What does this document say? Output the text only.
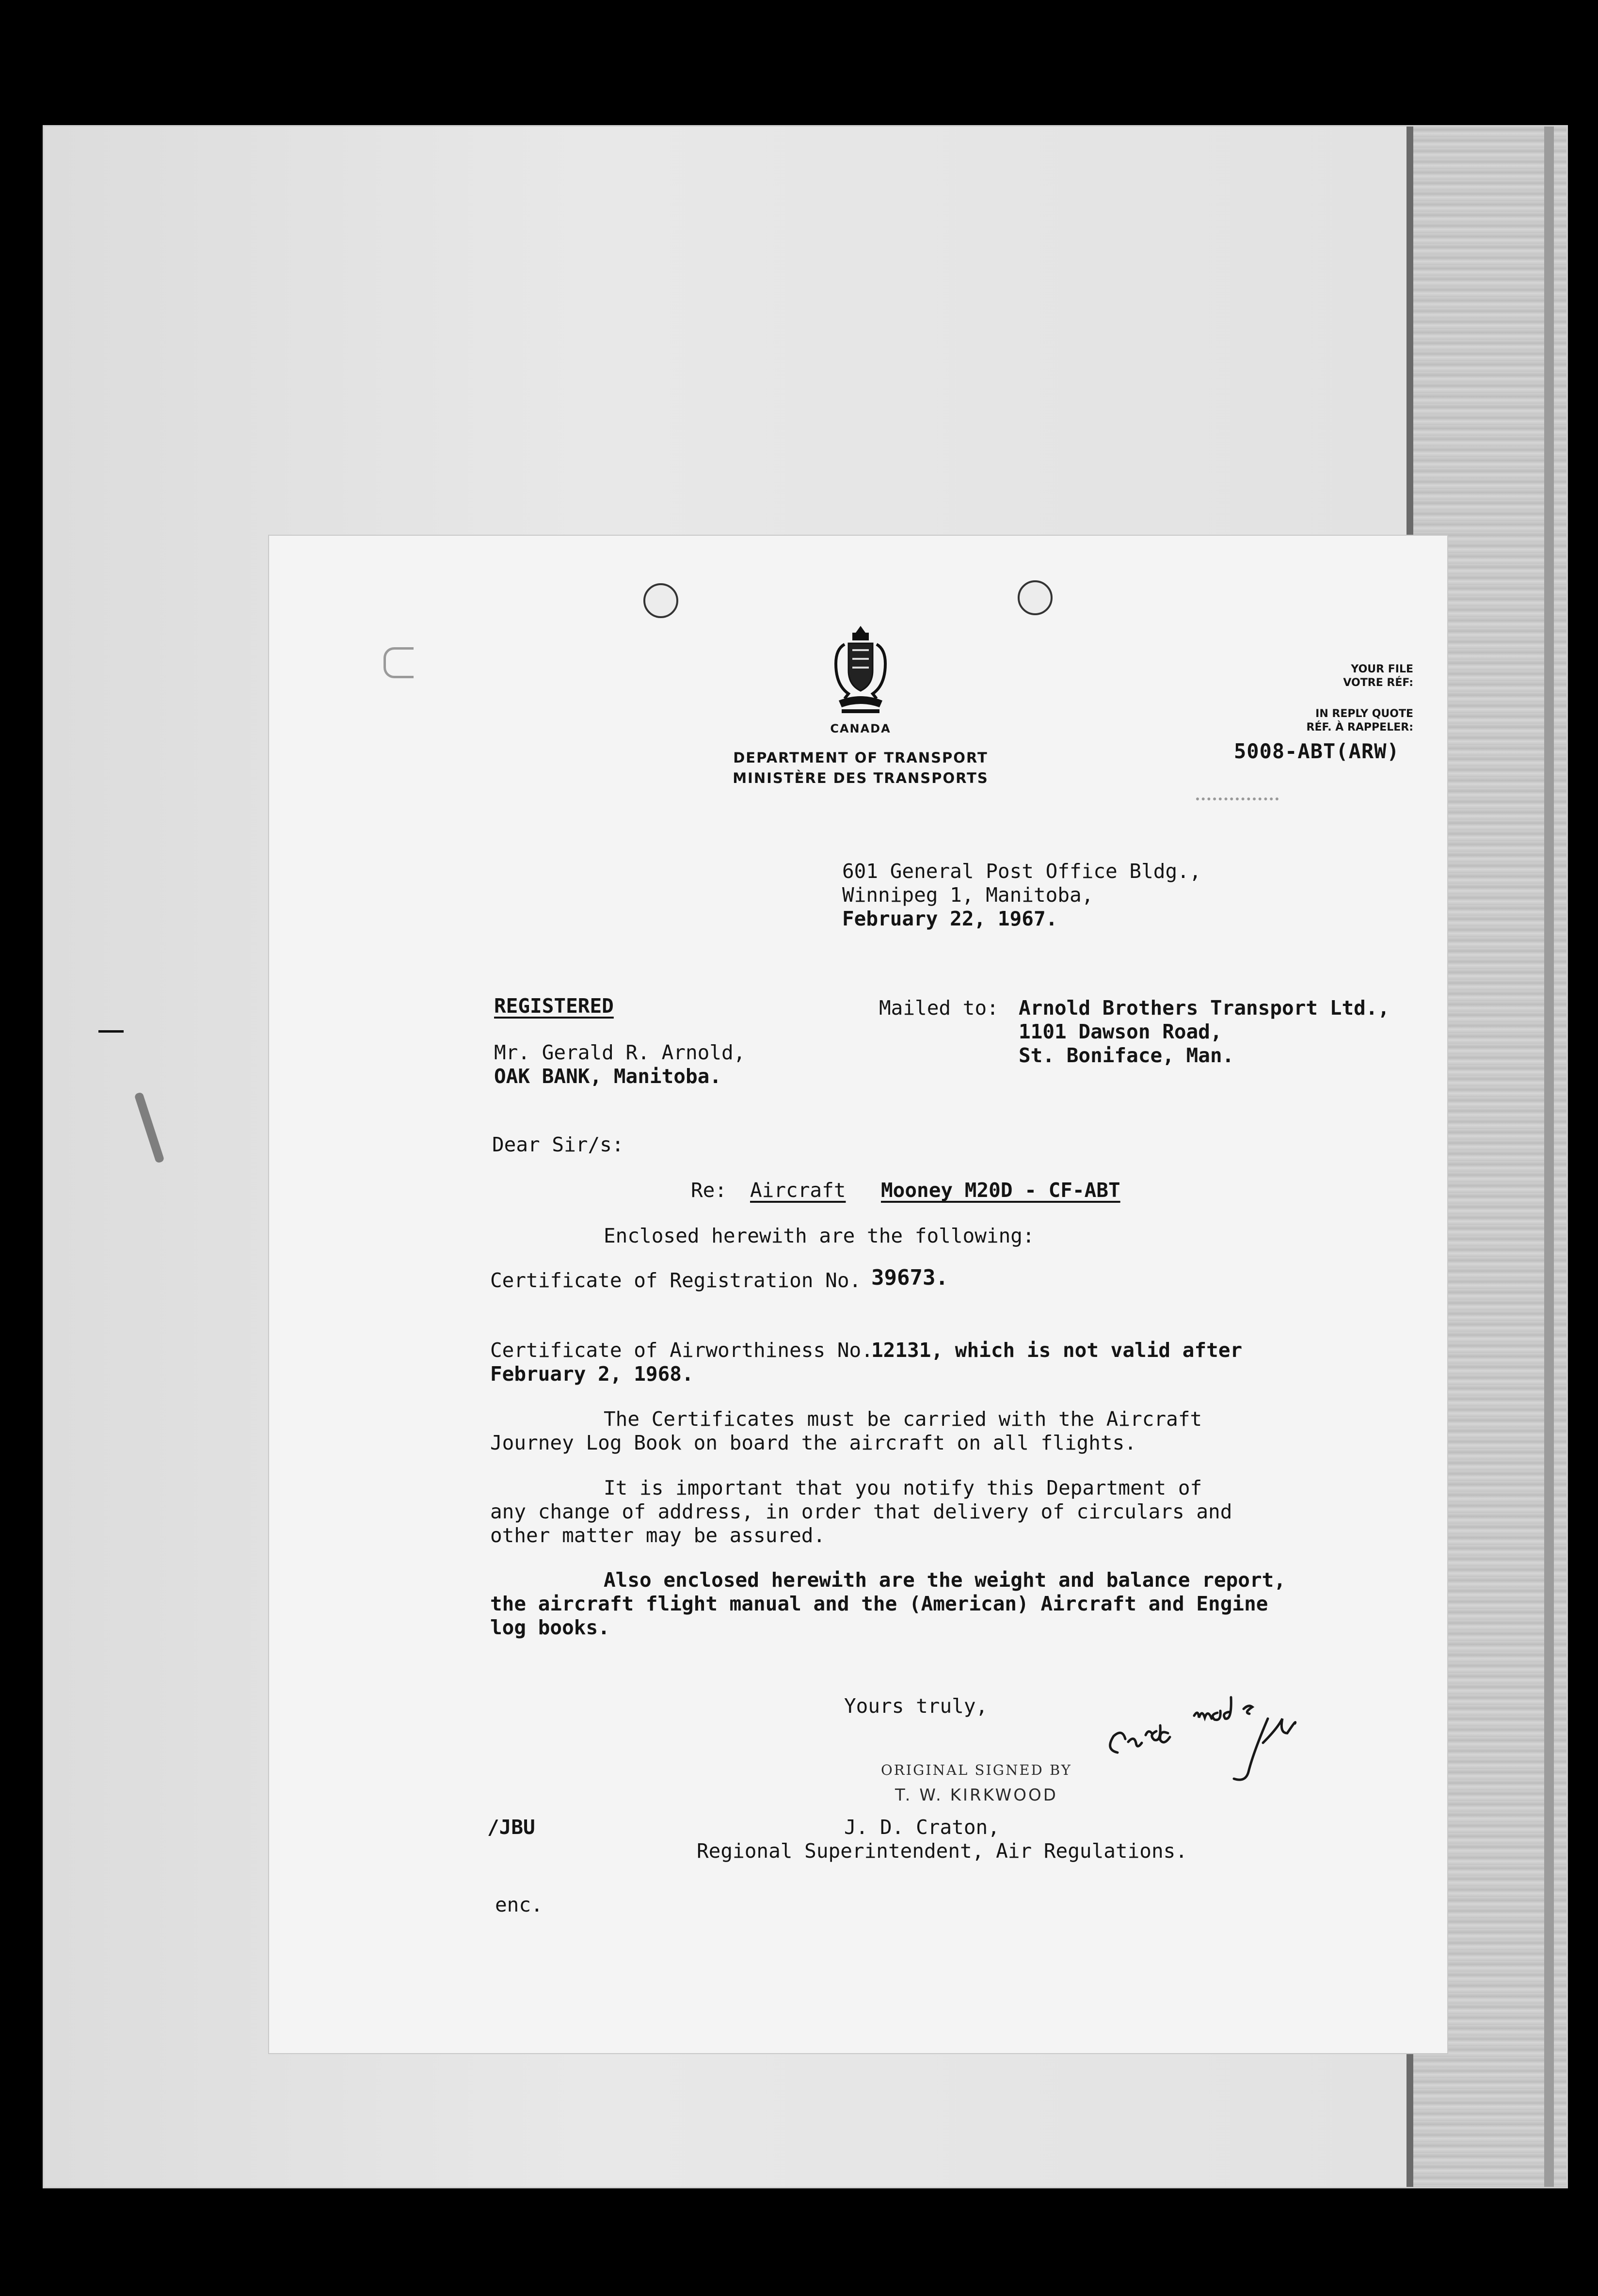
CANADA
DEPARTMENT OF TRANSPORT
MINISTÈRE DES TRANSPORTS
YOUR FILE
VOTRE RÉF:
IN REPLY QUOTE
RÉF. À RAPPELER:
5008-ABT(ARW)
601 General Post Office Bldg.,
Winnipeg 1, Manitoba,
February 22, 1967.
REGISTERED
Mr. Gerald R. Arnold,
OAK BANK, Manitoba.
Mailed to: Arnold Brothers Transport Ltd.,
1101 Dawson Road,
St. Boniface, Man.
Dear Sir/s:
Re: Aircraft Mooney M20D - CF-ABT
Enclosed herewith are the following:
Certificate of Registration No. 39673.
Certificate of Airworthiness No.
12131, which is not valid after
February 2, 1968.
The Certificates must be carried with the Aircraft
Journey Log Book on board the aircraft on all flights.
It is important that you notify this Department of
any change of address, in order that delivery of circulars and
other matter may be assured.
Also enclosed herewith are the weight and balance report,
the aircraft flight manual and the (American) Aircraft and Engine
log books.
Yours truly,
Cards made JBU
ORIGINAL SIGNED BY
T. W. KIRKWOOD
/JBU	J. D. Craton,
Regional Superintendent, Air Regulations.
enc.
